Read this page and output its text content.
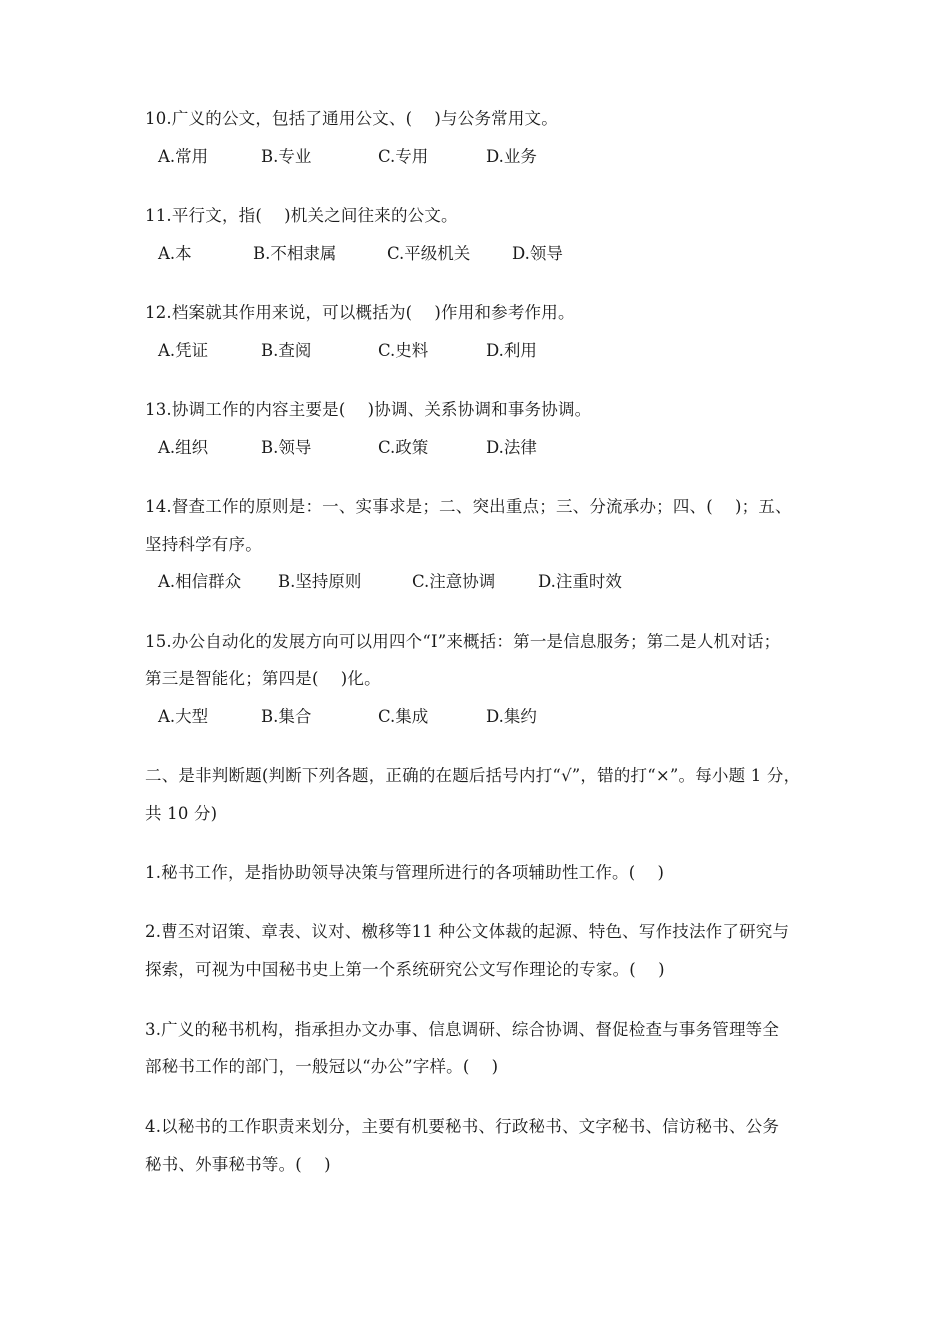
10.广义的公文，包括了通用公文、(　 )与公务常用文。
A.常用	B.专业	C.专用	D.业务
11.平行文，指(　 )机关之间往来的公文。
A.本	B.不相隶属	C.平级机关	D.领导
12.档案就其作用来说，可以概括为(　 )作用和参考作用。
A.凭证	B.查阅	C.史料	D.利用
13.协调工作的内容主要是(　 )协调、关系协调和事务协调。
A.组织	B.领导	C.政策	D.法律
14.督查工作的原则是：一、实事求是；二、突出重点；三、分流承办；四、(　 )；五、
坚持科学有序。
A.相信群众 B.坚持原则	C.注意协调	D.注重时效
15.办公自动化的发展方向可以用四个“I”来概括：第一是信息服务；第二是人机对话；
第三是智能化；第四是(　 )化。
A.大型	B.集合	C.集成	D.集约
二、是非判断题(判断下列各题，正确的在题后括号内打“√”，错的打“×”。每小题 1 分，
共 10 分)
1.秘书工作，是指协助领导决策与管理所进行的各项辅助性工作。(　 )
2.曹丕对诏策、章表、议对、檄移等11 种公文体裁的起源、特色、写作技法作了研究与
探索，可视为中国秘书史上第一个系统研究公文写作理论的专家。(　 )
3.广义的秘书机构，指承担办文办事、信息调研、综合协调、督促检查与事务管理等全
部秘书工作的部门，一般冠以“办公”字样。(　 )
4.以秘书的工作职责来划分，主要有机要秘书、行政秘书、文字秘书、信访秘书、公务
秘书、外事秘书等。(　 )
